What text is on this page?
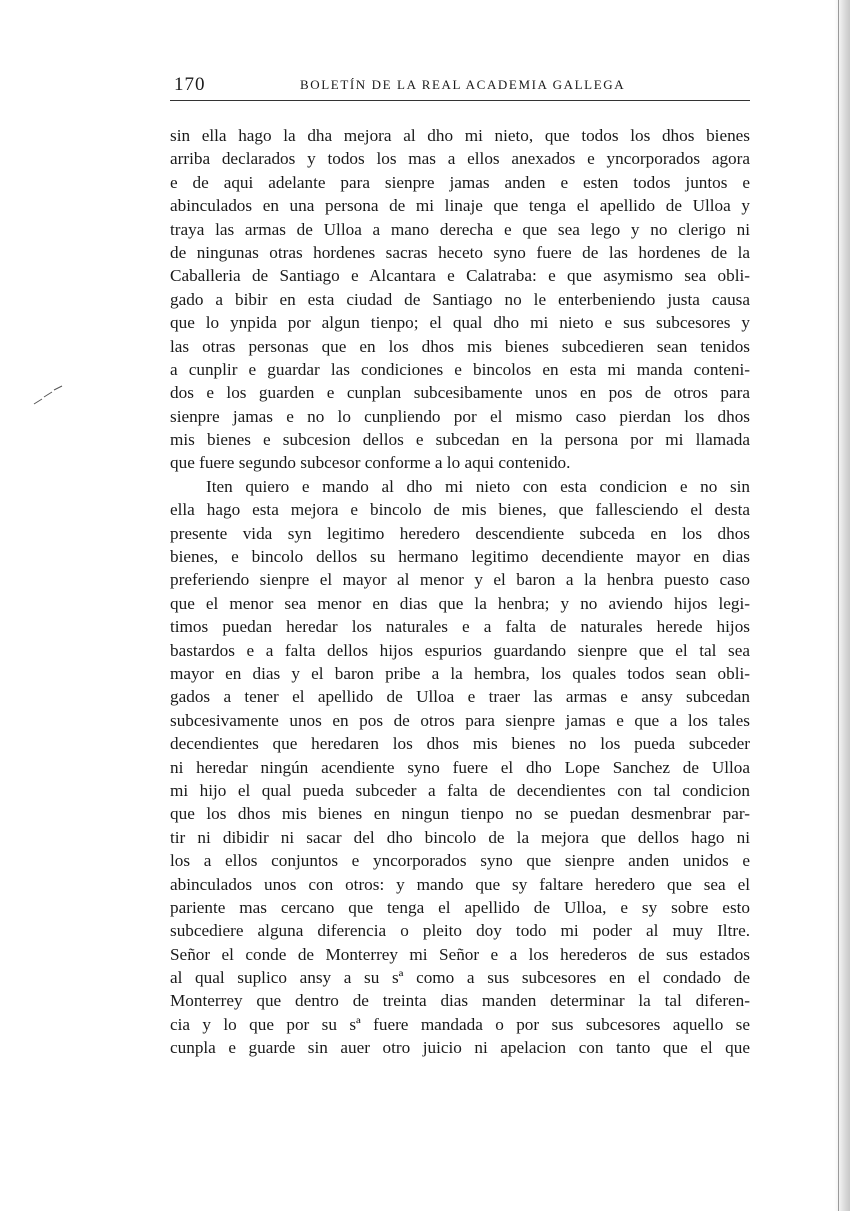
170	BOLETÍN DE LA REAL ACADEMIA GALLEGA
sin ella hago la dha mejora al dho mi nieto, que todos los dhos bienes
arriba declarados y todos los mas a ellos anexados e yncorporados agora
e de aqui adelante para sienpre jamas anden e esten todos juntos e
abinculados en una persona de mi linaje que tenga el apellido de Ulloa y
traya las armas de Ulloa a mano derecha e que sea lego y no clerigo ni
de ningunas otras hordenes sacras heceto syno fuere de las hordenes de la
Caballeria de Santiago e Alcantara e Calatraba: e que asymismo sea obli-
gado a bibir en esta ciudad de Santiago no le enterbeniendo justa causa
que lo ynpida por algun tienpo; el qual dho mi nieto e sus subcesores y
las otras personas que en los dhos mis bienes subcedieren sean tenidos
a cunplir e guardar las condiciones e bincolos en esta mi manda conteni-
dos e los guarden e cunplan subcesibamente unos en pos de otros para
sienpre jamas e no lo cunpliendo por el mismo caso pierdan los dhos
mis bienes e subcesion dellos e subcedan en la persona por mi llamada
que fuere segundo subcesor conforme a lo aqui contenido.
Iten quiero e mando al dho mi nieto con esta condicion e no sin
ella hago esta mejora e bincolo de mis bienes, que fallesciendo el desta
presente vida syn legitimo heredero descendiente subceda en los dhos
bienes, e bincolo dellos su hermano legitimo decendiente mayor en dias
preferiendo sienpre el mayor al menor y el baron a la henbra puesto caso
que el menor sea menor en dias que la henbra; y no aviendo hijos legi-
timos puedan heredar los naturales e a falta de naturales herede hijos
bastardos e a falta dellos hijos espurios guardando sienpre que el tal sea
mayor en dias y el baron pribe a la hembra, los quales todos sean obli-
gados a tener el apellido de Ulloa e traer las armas e ansy subcedan
subcesivamente unos en pos de otros para sienpre jamas e que a los tales
decendientes que heredaren los dhos mis bienes no los pueda subceder
ni heredar ningún acendiente syno fuere el dho Lope Sanchez de Ulloa
mi hijo el qual pueda subceder a falta de decendientes con tal condicion
que los dhos mis bienes en ningun tienpo no se puedan desmenbrar par-
tir ni dibidir ni sacar del dho bincolo de la mejora que dellos hago ni
los a ellos conjuntos e yncorporados syno que sienpre anden unidos e
abinculados unos con otros: y mando que sy faltare heredero que sea el
pariente mas cercano que tenga el apellido de Ulloa, e sy sobre esto
subcediere alguna diferencia o pleito doy todo mi poder al muy Iltre.
Señor el conde de Monterrey mi Señor e a los herederos de sus estados
al qual suplico ansy a su sª como a sus subcesores en el condado de
Monterrey que dentro de treinta dias manden determinar la tal diferen-
cia y lo que por su sª fuere mandada o por sus subcesores aquello se
cunpla e guarde sin auer otro juicio ni apelacion con tanto que el que
